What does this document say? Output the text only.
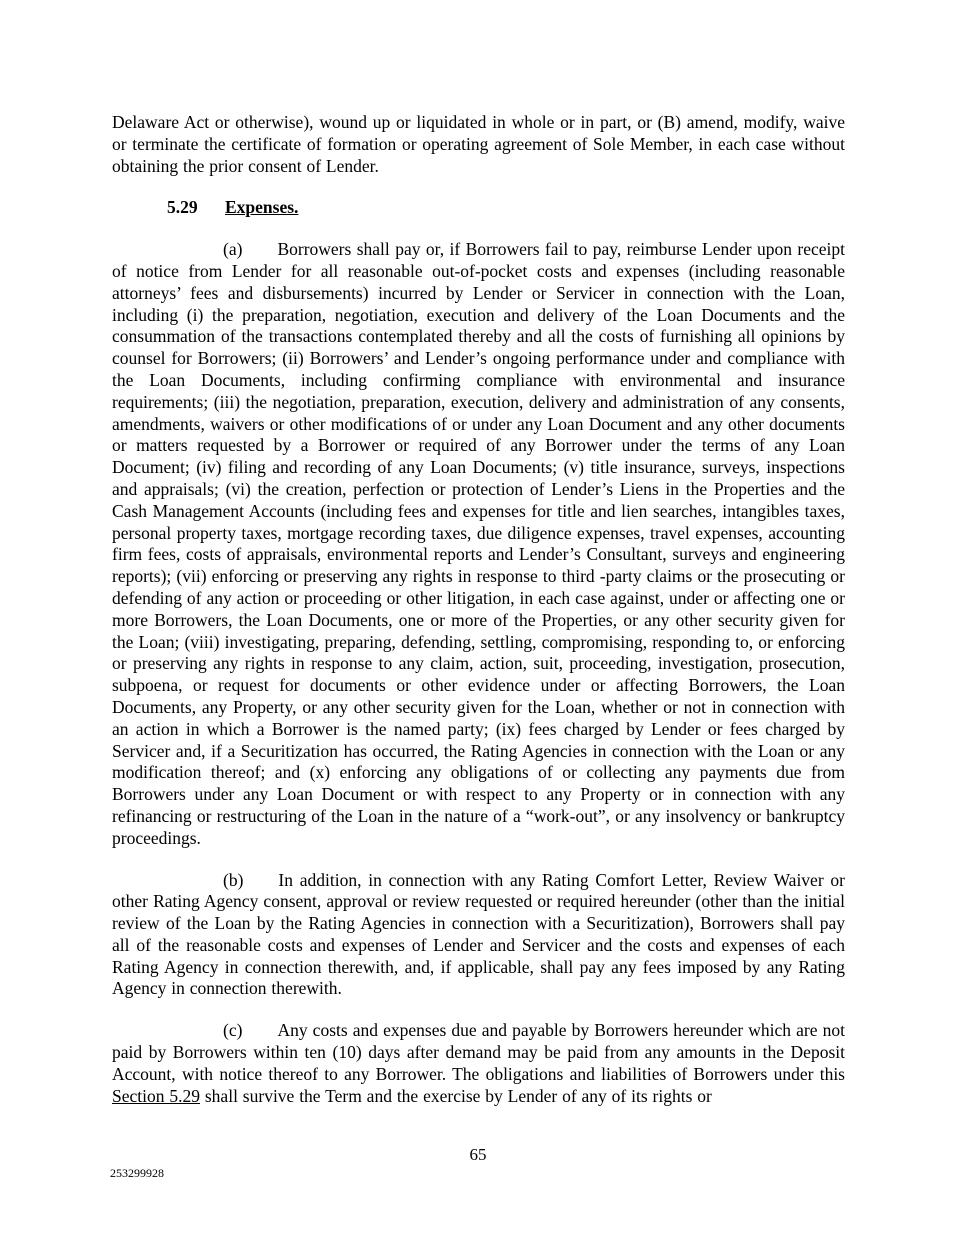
Delaware Act or otherwise), wound up or liquidated in whole or in part, or (B) amend, modify, waive or terminate the certificate of formation or operating agreement of Sole Member, in each case without obtaining the prior consent of Lender.

5.29 Expenses.

(a) Borrowers shall pay or, if Borrowers fail to pay, reimburse Lender upon receipt of notice from Lender for all reasonable out-of-pocket costs and expenses (including reasonable attorneys’ fees and disbursements) incurred by Lender or Servicer in connection with the Loan, including (i) the preparation, negotiation, execution and delivery of the Loan Documents and the consummation of the transactions contemplated thereby and all the costs of furnishing all opinions by counsel for Borrowers; (ii) Borrowers’ and Lender’s ongoing performance under and compliance with the Loan Documents, including confirming compliance with environmental and insurance requirements; (iii) the negotiation, preparation, execution, delivery and administration of any consents, amendments, waivers or other modifications of or under any Loan Document and any other documents or matters requested by a Borrower or required of any Borrower under the terms of any Loan Document; (iv) filing and recording of any Loan Documents; (v) title insurance, surveys, inspections and appraisals; (vi) the creation, perfection or protection of Lender’s Liens in the Properties and the Cash Management Accounts (including fees and expenses for title and lien searches, intangibles taxes, personal property taxes, mortgage recording taxes, due diligence expenses, travel expenses, accounting firm fees, costs of appraisals, environmental reports and Lender’s Consultant, surveys and engineering reports); (vii) enforcing or preserving any rights in response to third -party claims or the prosecuting or defending of any action or proceeding or other litigation, in each case against, under or affecting one or more Borrowers, the Loan Documents, one or more of the Properties, or any other security given for the Loan; (viii) investigating, preparing, defending, settling, compromising, responding to, or enforcing or preserving any rights in response to any claim, action, suit, proceeding, investigation, prosecution, subpoena, or request for documents or other evidence under or affecting Borrowers, the Loan Documents, any Property, or any other security given for the Loan, whether or not in connection with an action in which a Borrower is the named party; (ix) fees charged by Lender or fees charged by Servicer and, if a Securitization has occurred, the Rating Agencies in connection with the Loan or any modification thereof; and (x) enforcing any obligations of or collecting any payments due from Borrowers under any Loan Document or with respect to any Property or in connection with any refinancing or restructuring of the Loan in the nature of a “work-out”, or any insolvency or bankruptcy proceedings.

(b) In addition, in connection with any Rating Comfort Letter, Review Waiver or other Rating Agency consent, approval or review requested or required hereunder (other than the initial review of the Loan by the Rating Agencies in connection with a Securitization), Borrowers shall pay all of the reasonable costs and expenses of Lender and Servicer and the costs and expenses of each Rating Agency in connection therewith, and, if applicable, shall pay any fees imposed by any Rating Agency in connection therewith.

(c) Any costs and expenses due and payable by Borrowers hereunder which are not paid by Borrowers within ten (10) days after demand may be paid from any amounts in the Deposit Account, with notice thereof to any Borrower. The obligations and liabilities of Borrowers under this Section 5.29 shall survive the Term and the exercise by Lender of any of its rights or

65
253299928
